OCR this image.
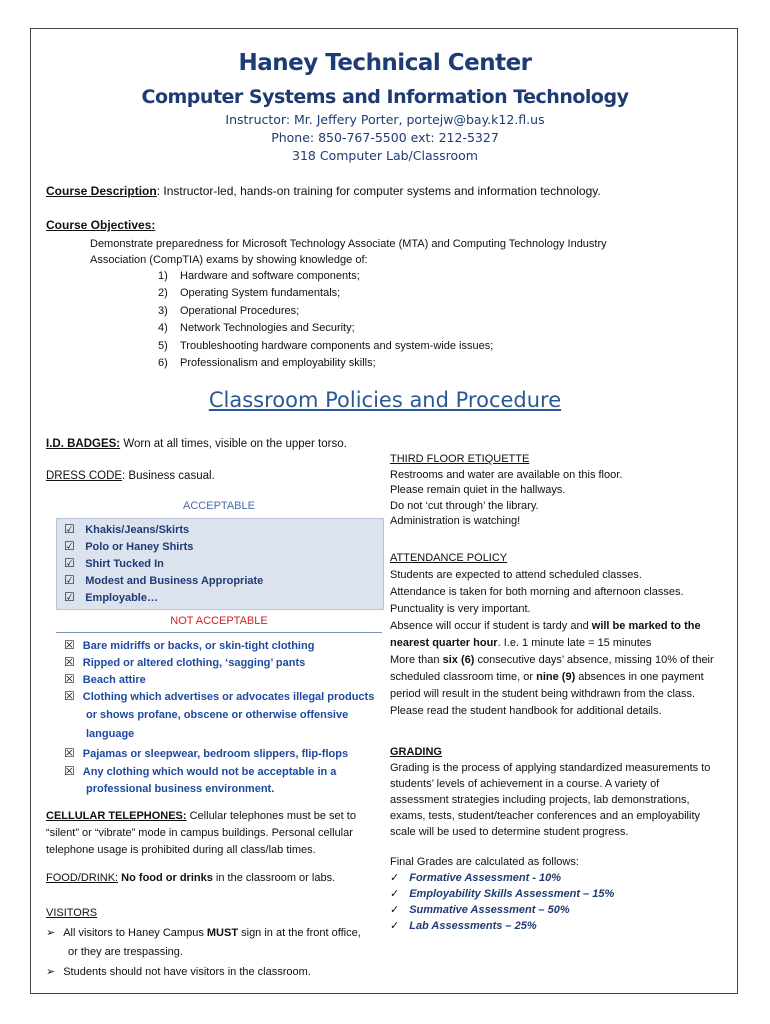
Haney Technical Center
Computer Systems and Information Technology
Instructor: Mr. Jeffery Porter, portejw@bay.k12.fl.us
Phone: 850-767-5500 ext: 212-5327
318 Computer Lab/Classroom
Course Description: Instructor-led, hands-on training for computer systems and information technology.
Course Objectives:
Demonstrate preparedness for Microsoft Technology Associate (MTA) and Computing Technology Industry
Association (CompTIA) exams by showing knowledge of:
1) Hardware and software components;
2) Operating System fundamentals;
3) Operational Procedures;
4) Network Technologies and Security;
5) Troubleshooting hardware components and system-wide issues;
6) Professionalism and employability skills;
Classroom Policies and Procedure
I.D. BADGES: Worn at all times, visible on the upper torso.
DRESS CODE: Business casual.
ACCEPTABLE
☑ Khakis/Jeans/Skirts
☑ Polo or Haney Shirts
☑ Shirt Tucked In
☑ Modest and Business Appropriate
☑ Employable…
NOT ACCEPTABLE
☒ Bare midriffs or backs, or skin-tight clothing
☒ Ripped or altered clothing, ‘sagging’ pants
☒ Beach attire
☒ Clothing which advertises or advocates illegal products
or shows profane, obscene or otherwise offensive
language
☒ Pajamas or sleepwear, bedroom slippers, flip-flops
☒ Any clothing which would not be acceptable in a
professional business environment.
CELLULAR TELEPHONES: Cellular telephones must be set to
“silent” or “vibrate” mode in campus buildings. Personal cellular
telephone usage is prohibited during all class/lab times.
FOOD/DRINK: No food or drinks in the classroom or labs.
VISITORS
➢ All visitors to Haney Campus MUST sign in at the front office,
or they are trespassing.
➢ Students should not have visitors in the classroom.
THIRD FLOOR ETIQUETTE
Restrooms and water are available on this floor.
Please remain quiet in the hallways.
Do not ‘cut through’ the library.
Administration is watching!
ATTENDANCE POLICY
Students are expected to attend scheduled classes.
Attendance is taken for both morning and afternoon classes.
Punctuality is very important.
Absence will occur if student is tardy and will be marked to the
nearest quarter hour. I.e. 1 minute late = 15 minutes
More than six (6) consecutive days’ absence, missing 10% of their
scheduled classroom time, or nine (9) absences in one payment
period will result in the student being withdrawn from the class.
Please read the student handbook for additional details.
GRADING
Grading is the process of applying standardized measurements to
students’ levels of achievement in a course. A variety of
assessment strategies including projects, lab demonstrations,
exams, tests, student/teacher conferences and an employability
scale will be used to determine student progress.
Final Grades are calculated as follows:
✓ Formative Assessment - 10%
✓ Employability Skills Assessment – 15%
✓ Summative Assessment – 50%
✓ Lab Assessments – 25%
